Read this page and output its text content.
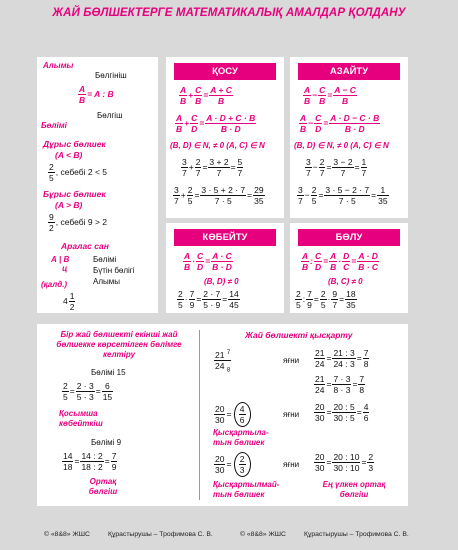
ЖАЙ БӨЛШЕКТЕРГЕ МАТЕМАТИКАЛЫҚ АМАЛДАР ҚОЛДАНУ
Алымы
Бөлгініш
$\frac{A}{B} = A$ : B
Бөлгіш
Бөлімі
Дұрыс бөлшек
(A < B)
$\frac{2}{5}$ , себебі 2 < 5
Бұрыс бөлшек
(A > B)
$\frac{9}{2}$ , себебі 9 > 2
Аралас сан
A | B
ц
Бөлімі
Бүтін бөлігі
Алымы
(қалд.)
$4 \frac{1}{2}$
ҚОСУ
$\frac{A}{B} + \frac{C}{B} = \frac{A + C}{B}$
$\frac{A}{B} + \frac{C}{D} = \frac{A \cdot D + C \cdot B}{B \cdot D}$
(B, D) ∈ N, ≠ 0 (A, C) ∈ N
$\frac{3}{7} + \frac{2}{7} = \frac{3 + 2}{7} = \frac{5}{7}$
$\frac{3}{7} + \frac{2}{5} = \frac{3 \cdot 5 + 2 \cdot 7}{7 \cdot 5} = \frac{29}{35}$
АЗАЙТУ
$\frac{A}{B} - \frac{C}{B} = \frac{A - C}{B}$
$\frac{A}{B} - \frac{C}{D} = \frac{A \cdot D - C \cdot B}{B \cdot D}$
(B, D) ∈ N, ≠ 0 (A, C) ∈ N
$\frac{3}{7} - \frac{2}{7} = \frac{3 - 2}{7} = \frac{1}{7}$
$\frac{3}{7} - \frac{2}{5} = \frac{3 \cdot 5 - 2 \cdot 7}{7 \cdot 5} = \frac{1}{35}$
КӨБЕЙТУ
$\frac{A}{B} \cdot \frac{C}{D} = \frac{A \cdot C}{B \cdot D}$
(B, D) ≠ 0
$\frac{2}{5} \cdot \frac{7}{9} = \frac{2 \cdot 7}{5 \cdot 9} = \frac{14}{45}$
БӨЛУ
$\frac{A}{B}$ : $\frac{C}{D} = \frac{A}{B} \cdot \frac{D}{C} = \frac{A \cdot D}{B \cdot C}$
(B, C) ≠ 0
$\frac{2}{5}$ : $\frac{7}{9} = \frac{2}{5} \cdot \frac{9}{7} = \frac{18}{35}$
Бір жай бөлшекті екінші жай бөлшекке көрсетілген бөлімге келтіру
Бөлімі 15
$\frac{2}{5} = \frac{2 \cdot 3}{5 \cdot 3} = \frac{6}{15}$
Қосымша көбейткіш
Бөлімі 9
$\frac{14}{18} = \frac{14 : 2}{18 : 2} = \frac{7}{9}$
Ортақ бөлгіш
Жай бөлшекті қысқарту
$\frac{21 ^7}{24 _8}$	яғни $\frac{21}{24} = \frac{21 : 3}{24 : 3} = \frac{7}{8}$
$\frac{21}{24} = \frac{7 \cdot 3}{8 \cdot 3} = \frac{7}{8}$
$\frac{20}{30} = \frac{4}{6}$	яғни $\frac{20}{30} = \frac{20 : 5}{30 : 5} = \frac{4}{6}$
Қысқартыла-тын бөлшек
$\frac{20}{30} = \frac{2}{3}$	яғни $\frac{20}{30} = \frac{20 : 10}{30 : 10} = \frac{2}{3}$
Қысқартылмай-тын бөлшек
Ең үлкен ортақ бөлгіш
© «8&8» ЖШС	Құрастырушы – Трофимова С. В.	© «8&8» ЖШС	Құрастырушы – Трофимова С. В.
